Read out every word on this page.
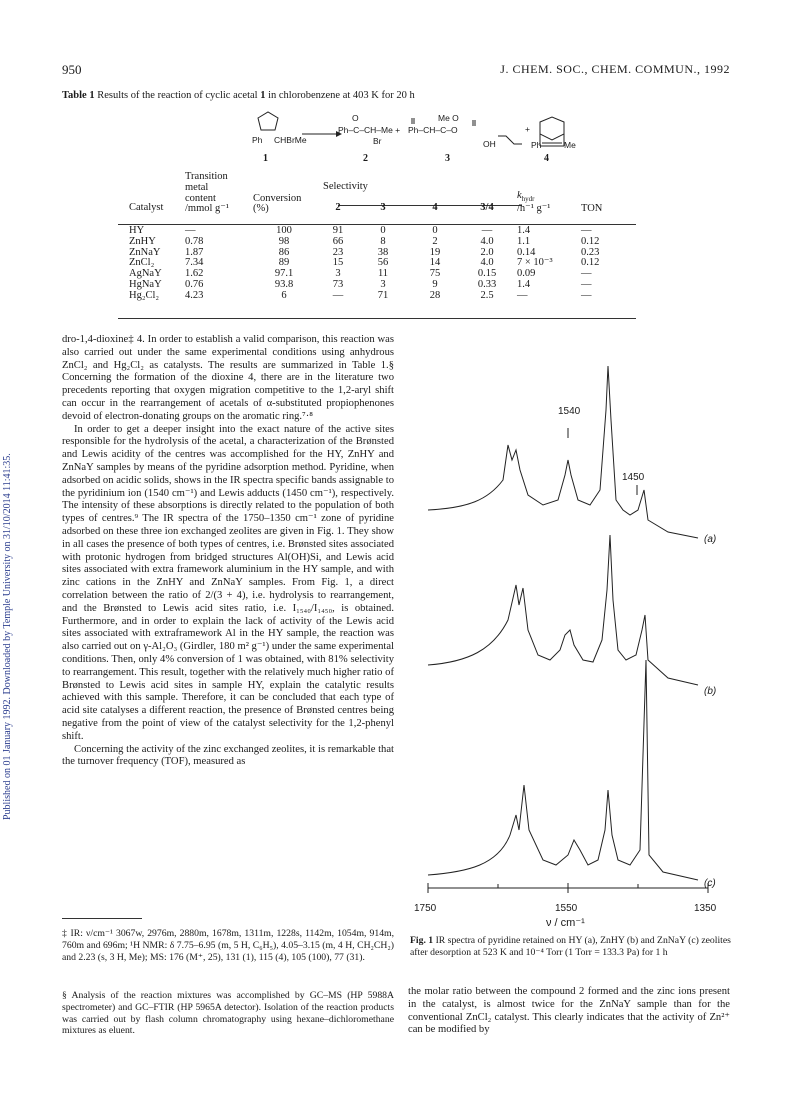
950	J. CHEM. SOC., CHEM. COMMUN., 1992
Published on 01 January 1992. Downloaded by Temple University on 31/10/2014 11:41:35.
Table 1 Results of the reaction of cyclic acetal 1 in chlorobenzene at 403 K for 20 h
Ph CHBrMe
O
Ph–C–CH–Me +
Br
Me O
Ph–CH–C–O
OH
+
Ph	Me
1	2	3	4
	Transition
metal
content
/mmol g⁻¹	Conversion
(%)	Selectivity				$k_{hydr}$
/h⁻¹ g⁻¹	TON
Catalyst			2	3	4	3/4		
HY	—	100	91	0	0	—	1.4	—
ZnHY	0.78	98	66	8	2	4.0	1.1	0.12
ZnNaY	1.87	86	23	38	19	2.0	0.14	0.23
ZnCl₂	7.34	89	15	56	14	4.0	7 × 10⁻³	0.12
AgNaY	1.62	97.1	3	11	75	0.15	0.09	—
HgNaY	0.76	93.8	73	3	9	0.33	1.4	—
Hg₂Cl₂	4.23	6	—	71	28	2.5	—	—
dro-1,4-dioxine‡ 4. In order to establish a valid comparison, this reaction was also carried out under the same experimental conditions using anhydrous ZnCl₂ and Hg₂Cl₂ as catalysts. The results are summarized in Table 1.§ Concerning the formation of the dioxine 4, there are in the literature two precedents reporting that oxygen migration competitive to the 1,2-aryl shift can occur in the rearrangement of acetals of α-substituted propiophenones devoid of electron-donating groups on the aromatic ring.⁷·⁸
In order to get a deeper insight into the exact nature of the active sites responsible for the hydrolysis of the acetal, a characterization of the Brønsted and Lewis acidity of the centres was accomplished for the HY, ZnHY and ZnNaY samples by means of the pyridine adsorption method. Pyridine, when adsorbed on acidic solids, shows in the IR spectra specific bands assignable to the pyridinium ion (1540 cm⁻¹) and Lewis adducts (1450 cm⁻¹), respectively. The intensity of these absorptions is directly related to the population of both types of centres.⁹ The IR spectra of the 1750–1350 cm⁻¹ zone of pyridine adsorbed on these three ion exchanged zeolites are given in Fig. 1. They show in all cases the presence of both types of centres, i.e. Brønsted sites associated with protonic hydrogen from bridged structures Al(OH)Si, and Lewis acid sites associated with extra framework aluminium in the HY sample, and with zinc cations in the ZnHY and ZnNaY samples. From Fig. 1, a direct correlation between the ratio of 2/(3 + 4), i.e. hydrolysis to rearrangement, and the Brønsted to Lewis acid sites ratio, i.e. I₁₅₄₀/I₁₄₅₀, is obtained. Furthermore, and in order to explain the lack of activity of the Lewis acid sites associated with extraframework Al in the HY sample, the reaction was also carried out on γ-Al₂O₃ (Girdler, 180 m² g⁻¹) under the same experimental conditions. Then, only 4% conversion of 1 was obtained, with 81% selectivity to rearrangement. This result, together with the relatively much higher ratio of Brønsted to Lewis acid sites in sample HY, explain the catalytic results achieved with this sample. Therefore, it can be concluded that each type of acid site catalyses a different reaction, the presence of Brønsted centres being negative from the point of view of the catalyst selectivity for the 1,2-phenyl shift.
Concerning the activity of the zinc exchanged zeolites, it is remarkable that the turnover frequency (TOF), measured as
‡ IR: ν/cm⁻¹ 3067w, 2976m, 2880m, 1678m, 1311m, 1228s, 1142m, 1054m, 914m, 760m and 696m; ¹H NMR: δ 7.75–6.95 (m, 5 H, C₆H₅), 4.05–3.15 (m, 4 H, CH₂CH₂) and 2.23 (s, 3 H, Me); MS: 176 (M⁺, 25), 131 (1), 115 (4), 105 (100), 77 (31).
§ Analysis of the reaction mixtures was accomplished by GC–MS (HP 5988A spectrometer) and GC–FTIR (HP 5965A detector). Isolation of the reaction products was carried out by flash column chromatography using hexane–dichloromethane mixtures as eluent.
1540
1450
(a)
(b)
(c)
1750	1550	1350
ν / cm⁻¹
Fig. 1 IR spectra of pyridine retained on HY (a), ZnHY (b) and ZnNaY (c) zeolites after desorption at 523 K and 10⁻⁴ Torr (1 Torr = 133.3 Pa) for 1 h
the molar ratio between the compound 2 formed and the zinc ions present in the catalyst, is almost twice for the ZnNaY sample than for the conventional ZnCl₂ catalyst. This clearly indicates that the activity of Zn²⁺ can be modified by
